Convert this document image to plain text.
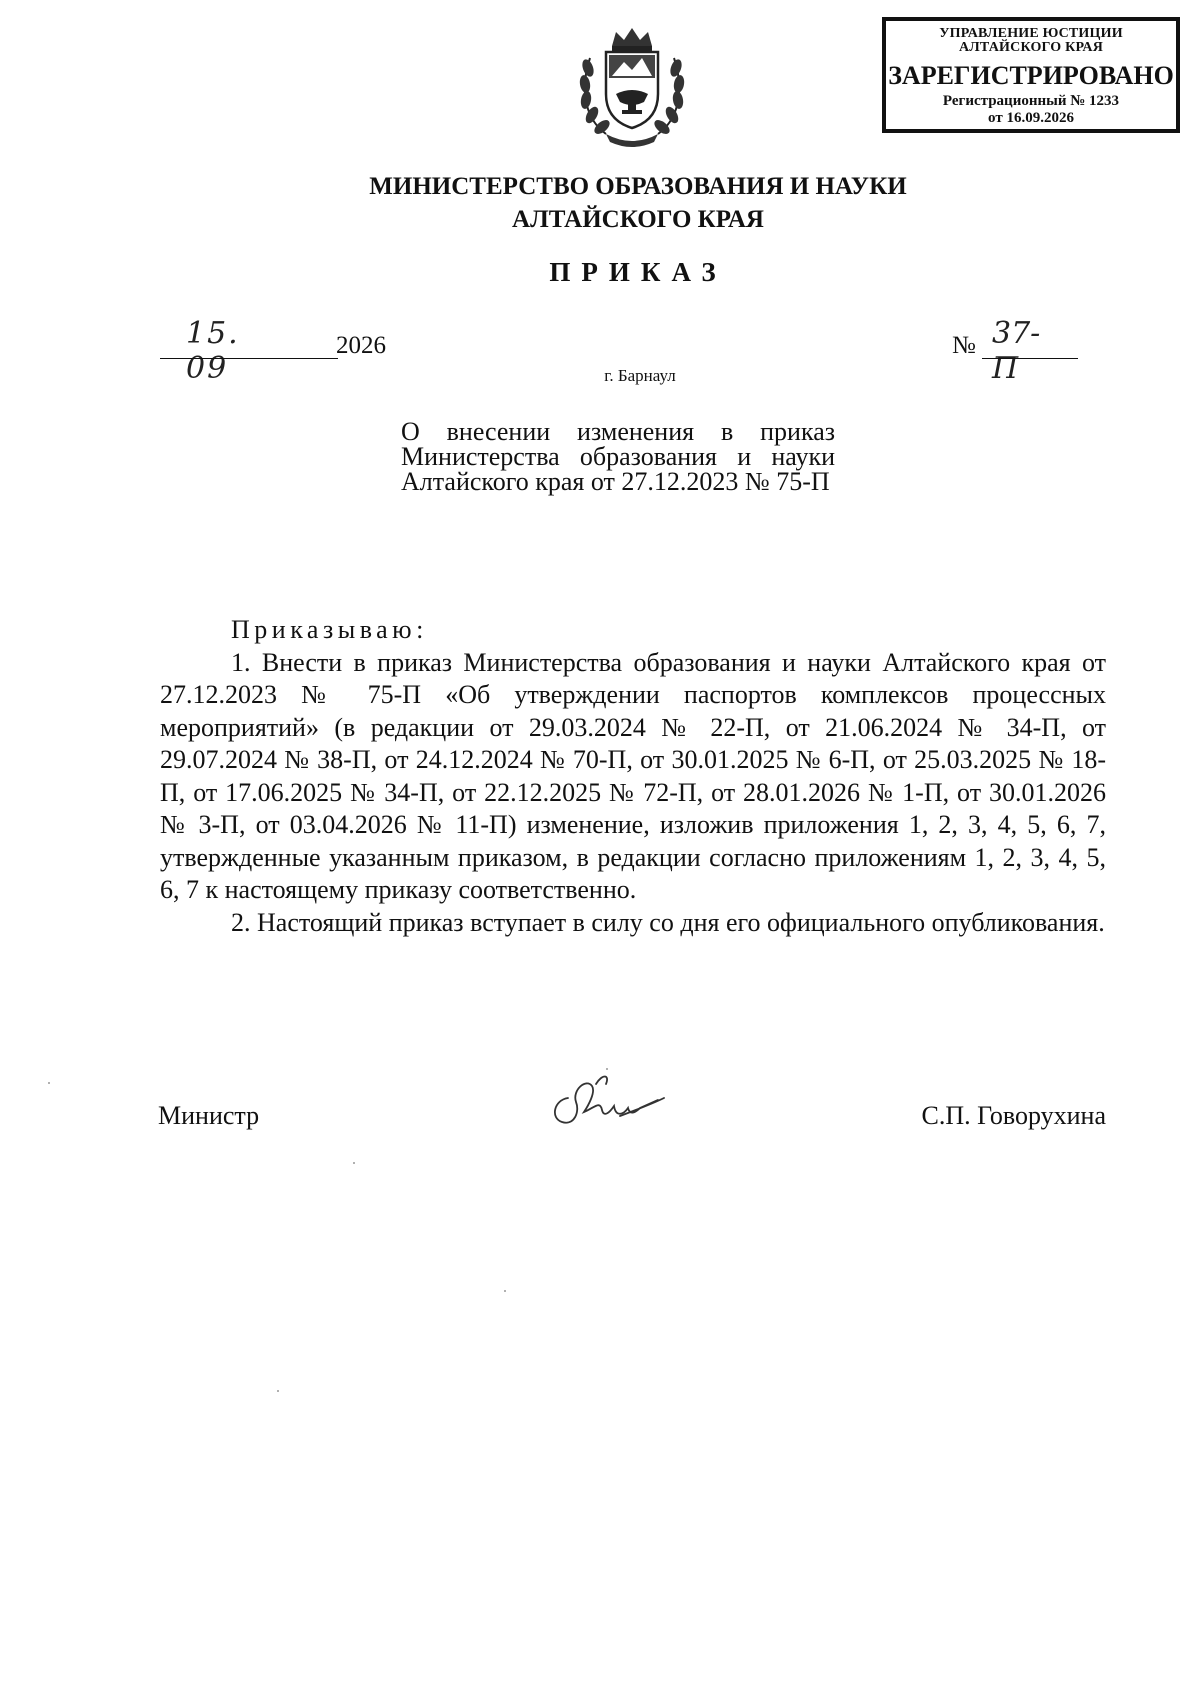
УПРАВЛЕНИЕ ЮСТИЦИИ
АЛТАЙСКОГО КРАЯ
ЗАРЕГИСТРИРОВАНО
Регистрационный № 1233
от 16.09.2026
МИНИСТЕРСТВО ОБРАЗОВАНИЯ И НАУКИ
АЛТАЙСКОГО КРАЯ
ПРИКАЗ
15. 09
2026	№ 37-П
г. Барнаул
О внесении изменения в приказ Министерства образования и науки Алтайского края от 27.12.2023 № 75-П
Приказываю:

1. Внести в приказ Министерства образования и науки Алтайского края от 27.12.2023 № 75-П «Об утверждении паспортов комплексов процессных мероприятий» (в редакции от 29.03.2024 № 22-П, от 21.06.2024 № 34-П, от 29.07.2024 № 38-П, от 24.12.2024 № 70-П, от 30.01.2025 № 6-П, от 25.03.2025 № 18-П, от 17.06.2025 № 34-П, от 22.12.2025 № 72-П, от 28.01.2026 № 1-П, от 30.01.2026 № 3-П, от 03.04.2026 № 11-П) изменение, изложив приложения 1, 2, 3, 4, 5, 6, 7, утвержденные указанным приказом, в редакции согласно приложениям 1, 2, 3, 4, 5, 6, 7 к настоящему приказу соответственно.

2. Настоящий приказ вступает в силу со дня его официального опубликования.

Министр	С.П. Говорухина
